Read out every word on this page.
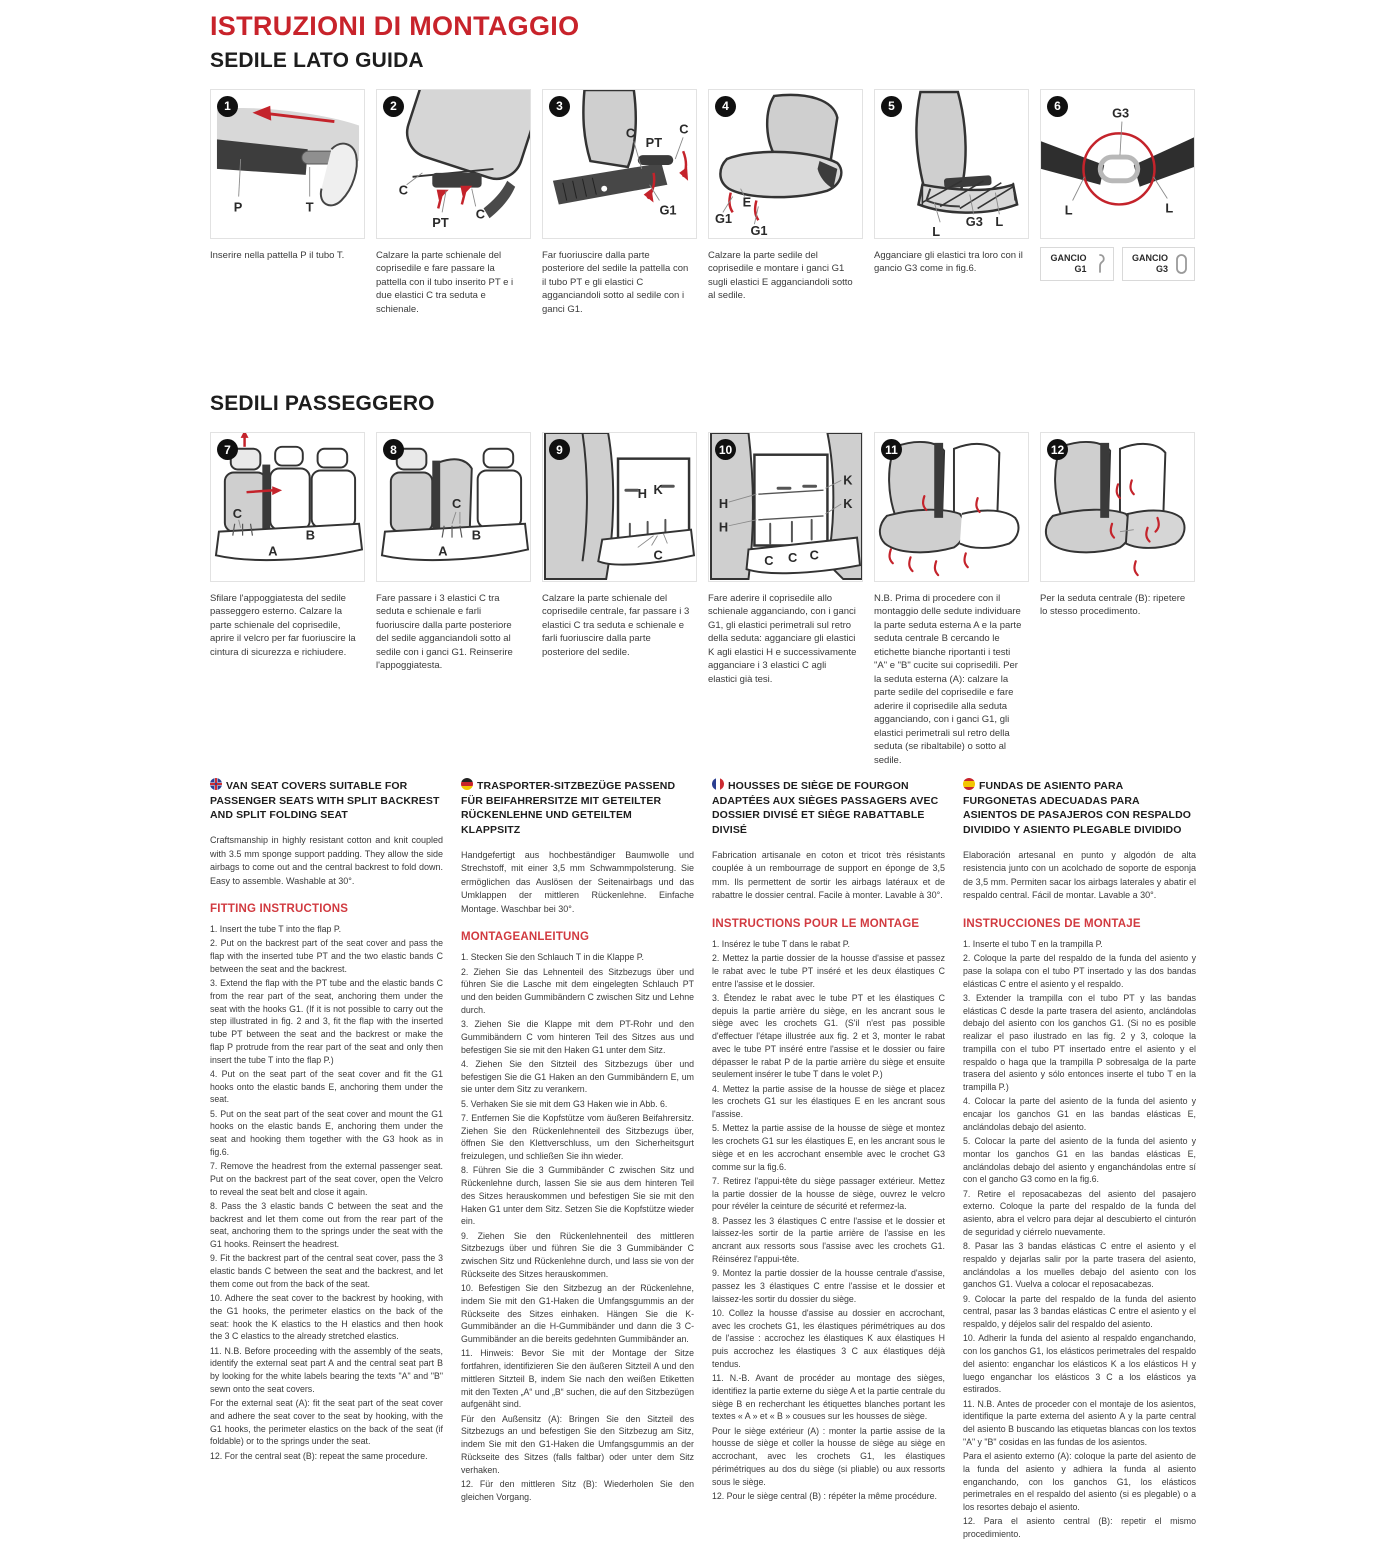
ISTRUZIONI DI MONTAGGIO
SEDILE LATO GUIDA
1
P	T
Inserire nella pattella P il tubo T.
2
C
PT
C
Calzare la parte schienale del coprisedile e fare passare la pattella con il tubo inserito PT e i due elastici C tra seduta e schienale.
3
C
PT
C
G1
Far fuoriuscire dalla parte posteriore del sedile la pattella con il tubo PT e gli elastici C agganciandoli sotto al sedile con i ganci G1.
4
G1
E
G1
Calzare la parte sedile del coprisedile e montare i ganci G1 sugli elastici E agganciandoli sotto al sedile.
5
G3 L
L
Agganciare gli elastici tra loro con il gancio G3 come in fig.6.
6	G3
L	L
GANCIO
G1
GANCIO
G3
SEDILI PASSEGGERO
7
C
A
B
Sfilare l'appoggiatesta del sedile passeggero esterno. Calzare la parte schienale del coprisedile, aprire il velcro per far fuoriuscire la cintura di sicurezza e richiudere.
8
C
A
B
Fare passare i 3 elastici C tra seduta e schienale e farli fuoriuscire dalla parte posteriore del sedile agganciandoli sotto al sedile con i ganci G1. Reinserire l'appoggiatesta.
9
H K
C
Calzare la parte schienale del coprisedile centrale, far passare i 3 elastici C tra seduta e schienale e farli fuoriuscire dalla parte posteriore del sedile.
10
H
H
K
K
C C C
Fare aderire il coprisedile allo schienale agganciando, con i ganci G1, gli elastici perimetrali sul retro della seduta: agganciare gli elastici K agli elastici H e successivamente agganciare i 3 elastici C agli elastici già tesi.
11
N.B. Prima di procedere con il montaggio delle sedute individuare la parte seduta esterna A e la parte seduta centrale B cercando le etichette bianche riportanti i testi "A" e "B" cucite sui coprisedili. Per la seduta esterna (A): calzare la parte sedile del coprisedile e fare aderire il coprisedile alla seduta agganciando, con i ganci G1, gli elastici perimetrali sul retro della seduta (se ribaltabile) o sotto al sedile.
12
Per la seduta centrale (B): ripetere lo stesso procedimento.
VAN SEAT COVERS SUITABLE FOR PASSENGER SEATS WITH SPLIT BACKREST AND SPLIT FOLDING SEAT
Craftsmanship in highly resistant cotton and knit coupled with 3.5 mm sponge support padding. They allow the side airbags to come out and the central backrest to fold down. Easy to assemble. Washable at 30°.
FITTING INSTRUCTIONS

1. Insert the tube T into the flap P.

2. Put on the backrest part of the seat cover and pass the flap with the inserted tube PT and the two elastic bands C between the seat and the backrest.

3. Extend the flap with the PT tube and the elastic bands C from the rear part of the seat, anchoring them under the seat with the hooks G1. (If it is not possible to carry out the step illustrated in fig. 2 and 3, fit the flap with the inserted tube PT between the seat and the backrest or make the flap P protrude from the rear part of the seat and only then insert the tube T into the flap P.)

4. Put on the seat part of the seat cover and fit the G1 hooks onto the elastic bands E, anchoring them under the seat.

5. Put on the seat part of the seat cover and mount the G1 hooks on the elastic bands E, anchoring them under the seat and hooking them together with the G3 hook as in fig.6.

7. Remove the headrest from the external passenger seat. Put on the backrest part of the seat cover, open the Velcro to reveal the seat belt and close it again.

8. Pass the 3 elastic bands C between the seat and the backrest and let them come out from the rear part of the seat, anchoring them to the springs under the seat with the G1 hooks. Reinsert the headrest.

9. Fit the backrest part of the central seat cover, pass the 3 elastic bands C between the seat and the backrest, and let them come out from the back of the seat.

10. Adhere the seat cover to the backrest by hooking, with the G1 hooks, the perimeter elastics on the back of the seat: hook the K elastics to the H elastics and then hook the 3 C elastics to the already stretched elastics.

11. N.B. Before proceeding with the assembly of the seats, identify the external seat part A and the central seat part B by looking for the white labels bearing the texts "A" and "B" sewn onto the seat covers.

For the external seat (A): fit the seat part of the seat cover and adhere the seat cover to the seat by hooking, with the G1 hooks, the perimeter elastics on the back of the seat (if foldable) or to the springs under the seat.

12. For the central seat (B): repeat the same procedure.

TRASPORTER-SITZBEZÜGE PASSEND FÜR BEIFAHRERSITZE MIT GETEILTER RÜCKENLEHNE UND GETEILTEM KLAPPSITZ
Handgefertigt aus hochbeständiger Baumwolle und Strechstoff, mit einer 3,5 mm Schwammpolsterung. Sie ermöglichen das Auslösen der Seitenairbags und das Umklappen der mittleren Rückenlehne. Einfache Montage. Waschbar bei 30°.
MONTAGEANLEITUNG

1. Stecken Sie den Schlauch T in die Klappe P.

2. Ziehen Sie das Lehnenteil des Sitzbezugs über und führen Sie die Lasche mit dem eingelegten Schlauch PT und den beiden Gummibändern C zwischen Sitz und Lehne durch.

3. Ziehen Sie die Klappe mit dem PT-Rohr und den Gummibändern C vom hinteren Teil des Sitzes aus und befestigen Sie sie mit den Haken G1 unter dem Sitz.

4. Ziehen Sie den Sitzteil des Sitzbezugs über und befestigen Sie die G1 Haken an den Gummibändern E, um sie unter dem Sitz zu verankern.

5. Verhaken Sie sie mit dem G3 Haken wie in Abb. 6.

7. Entfernen Sie die Kopfstütze vom äußeren Beifahrersitz. Ziehen Sie den Rückenlehnenteil des Sitzbezugs über, öffnen Sie den Klettverschluss, um den Sicherheitsgurt freizulegen, und schließen Sie ihn wieder.

8. Führen Sie die 3 Gummibänder C zwischen Sitz und Rückenlehne durch, lassen Sie sie aus dem hinteren Teil des Sitzes herauskommen und befestigen Sie sie mit den Haken G1 unter dem Sitz. Setzen Sie die Kopfstütze wieder ein.

9. Ziehen Sie den Rückenlehnenteil des mittleren Sitzbezugs über und führen Sie die 3 Gummibänder C zwischen Sitz und Rückenlehne durch, und lass sie von der Rückseite des Sitzes herauskommen.

10. Befestigen Sie den Sitzbezug an der Rückenlehne, indem Sie mit den G1-Haken die Umfangsgummis an der Rückseite des Sitzes einhaken. Hängen Sie die K-Gummibänder an die H-Gummibänder und dann die 3 C-Gummibänder an die bereits gedehnten Gummibänder an.

11. Hinweis: Bevor Sie mit der Montage der Sitze fortfahren, identifizieren Sie den äußeren Sitzteil A und den mittleren Sitzteil B, indem Sie nach den weißen Etiketten mit den Texten „A“ und „B“ suchen, die auf den Sitzbezügen aufgenäht sind.

Für den Außensitz (A): Bringen Sie den Sitzteil des Sitzbezugs an und befestigen Sie den Sitzbezug am Sitz, indem Sie mit den G1-Haken die Umfangsgummis an der Rückseite des Sitzes (falls faltbar) oder unter dem Sitz verhaken.

12. Für den mittleren Sitz (B): Wiederholen Sie den gleichen Vorgang.

HOUSSES DE SIÈGE DE FOURGON ADAPTÉES AUX SIÈGES PASSAGERS AVEC DOSSIER DIVISÉ ET SIÈGE RABATTABLE DIVISÉ
Fabrication artisanale en coton et tricot très résistants couplée à un rembourrage de support en éponge de 3,5 mm. Ils permettent de sortir les airbags latéraux et de rabattre le dossier central. Facile à monter. Lavable à 30°.
INSTRUCTIONS POUR LE MONTAGE

1. Insérez le tube T dans le rabat P.

2. Mettez la partie dossier de la housse d'assise et passez le rabat avec le tube PT inséré et les deux élastiques C entre l'assise et le dossier.

3. Étendez le rabat avec le tube PT et les élastiques C depuis la partie arrière du siège, en les ancrant sous le siège avec les crochets G1. (S'il n'est pas possible d'effectuer l'étape illustrée aux fig. 2 et 3, monter le rabat avec le tube PT inséré entre l'assise et le dossier ou faire dépasser le rabat P de la partie arrière du siège et ensuite seulement insérer le tube T dans le volet P.)

4. Mettez la partie assise de la housse de siège et placez les crochets G1 sur les élastiques E en les ancrant sous l'assise.

5. Mettez la partie assise de la housse de siège et montez les crochets G1 sur les élastiques E, en les ancrant sous le siège et en les accrochant ensemble avec le crochet G3 comme sur la fig.6.

7. Retirez l'appui-tête du siège passager extérieur. Mettez la partie dossier de la housse de siège, ouvrez le velcro pour révéler la ceinture de sécurité et refermez-la.

8. Passez les 3 élastiques C entre l'assise et le dossier et laissez-les sortir de la partie arrière de l'assise en les ancrant aux ressorts sous l'assise avec les crochets G1. Réinsérez l'appui-tête.

9. Montez la partie dossier de la housse centrale d'assise, passez les 3 élastiques C entre l'assise et le dossier et laissez-les sortir du dossier du siège.

10. Collez la housse d'assise au dossier en accrochant, avec les crochets G1, les élastiques périmétriques au dos de l'assise : accrochez les élastiques K aux élastiques H puis accrochez les élastiques 3 C aux élastiques déjà tendus.

11. N.-B. Avant de procéder au montage des sièges, identifiez la partie externe du siège A et la partie centrale du siège B en recherchant les étiquettes blanches portant les textes « A » et « B » cousues sur les housses de siège.

Pour le siège extérieur (A) : monter la partie assise de la housse de siège et coller la housse de siège au siège en accrochant, avec les crochets G1, les élastiques périmétriques au dos du siège (si pliable) ou aux ressorts sous le siège.

12. Pour le siège central (B) : répéter la même procédure.

FUNDAS DE ASIENTO PARA FURGONETAS ADECUADAS PARA ASIENTOS DE PASAJEROS CON RESPALDO DIVIDIDO Y ASIENTO PLEGABLE DIVIDIDO
Elaboración artesanal en punto y algodón de alta resistencia junto con un acolchado de soporte de esponja de 3,5 mm. Permiten sacar los airbags laterales y abatir el respaldo central. Fácil de montar. Lavable a 30°.
INSTRUCCIONES DE MONTAJE

1. Inserte el tubo T en la trampilla P.

2. Coloque la parte del respaldo de la funda del asiento y pase la solapa con el tubo PT insertado y las dos bandas elásticas C entre el asiento y el respaldo.

3. Extender la trampilla con el tubo PT y las bandas elásticas C desde la parte trasera del asiento, anclándolas debajo del asiento con los ganchos G1. (Si no es posible realizar el paso ilustrado en las fig. 2 y 3, coloque la trampilla con el tubo PT insertado entre el asiento y el respaldo o haga que la trampilla P sobresalga de la parte trasera del asiento y sólo entonces inserte el tubo T en la trampilla P.)

4. Colocar la parte del asiento de la funda del asiento y encajar los ganchos G1 en las bandas elásticas E, anclándolas debajo del asiento.

5. Colocar la parte del asiento de la funda del asiento y montar los ganchos G1 en las bandas elásticas E, anclándolas debajo del asiento y enganchándolas entre sí con el gancho G3 como en la fig.6.

7. Retire el reposacabezas del asiento del pasajero externo. Coloque la parte del respaldo de la funda del asiento, abra el velcro para dejar al descubierto el cinturón de seguridad y ciérrelo nuevamente.

8. Pasar las 3 bandas elásticas C entre el asiento y el respaldo y dejarlas salir por la parte trasera del asiento, anclándolas a los muelles debajo del asiento con los ganchos G1. Vuelva a colocar el reposacabezas.

9. Colocar la parte del respaldo de la funda del asiento central, pasar las 3 bandas elásticas C entre el asiento y el respaldo, y déjelos salir del respaldo del asiento.

10. Adherir la funda del asiento al respaldo enganchando, con los ganchos G1, los elásticos perimetrales del respaldo del asiento: enganchar los elásticos K a los elásticos H y luego enganchar los elásticos 3 C a los elásticos ya estirados.

11. N.B. Antes de proceder con el montaje de los asientos, identifique la parte externa del asiento A y la parte central del asiento B buscando las etiquetas blancas con los textos "A" y "B" cosidas en las fundas de los asientos.

Para el asiento externo (A): coloque la parte del asiento de la funda del asiento y adhiera la funda al asiento enganchando, con los ganchos G1, los elásticos perimetrales en el respaldo del asiento (si es plegable) o a los resortes debajo el asiento.

12. Para el asiento central (B): repetir el mismo procedimiento.
